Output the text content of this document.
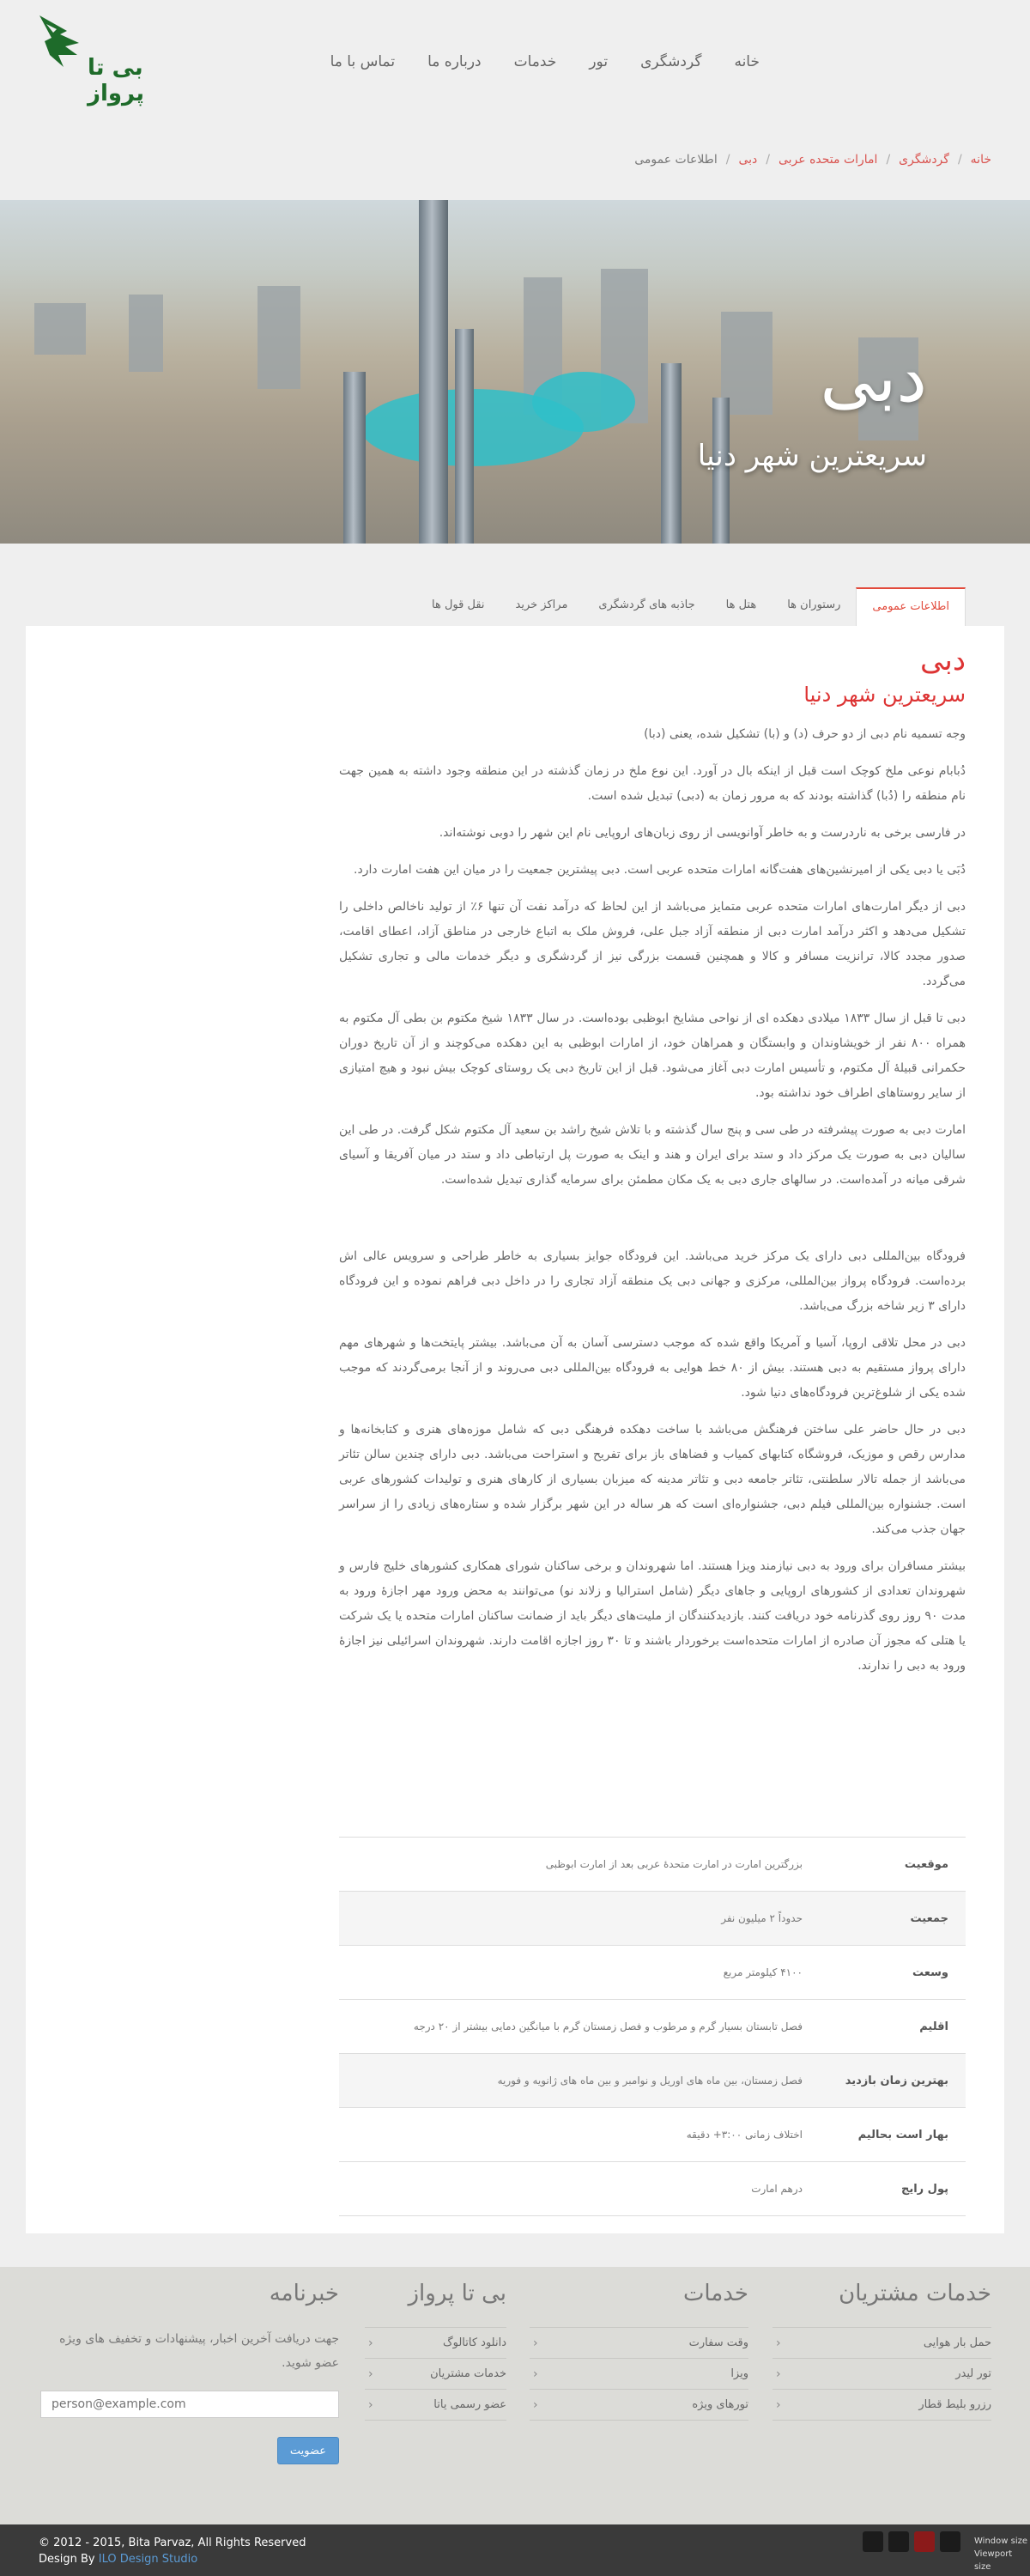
بی تا پرواز
خانه
گردشگری
تور
خدمات
درباره ما
تماس با ما
خانه
/
گردشگری
/
امارات متحده عربی
/
دبی
/
اطلاعات عمومی
دبی
سریعترین شهر دنیا
اطلاعات عمومی
رستوران ها
هتل ها
جاذبه های گردشگری
مراکز خرید
نقل قول ها
دبی
سریعترین شهر دنیا

وجه تسمیه نام دبی از دو حرف (د) و (با) تشکیل شده، یعنی (دبا)

دُبابام نوعی ملخ کوچک است قبل از اینکه بال در آورد. این نوع ملخ در زمان گذشته در این منطقه وجود داشته به همین جهت نام منطقه را (دُبا) گذاشته بودند که به مرور زمان به (دبی) تبدیل شده است.

در فارسی برخی به ‌ناردرست و به خاطر آوانویسی از روی زبان‌های اروپایی نام این شهر را دوبی نوشته‌اند.

دُبَی یا دبی یکی از امیرنشین‌های هفت‌گانه امارات متحده عربی است. دبی پیشترین جمعیت را در میان این هفت امارت دارد.

دبی از دیگر امارت‌های امارات متحده عربی متمایز می‌باشد از این لحاظ که درآمد نفت آن تنها ۶٪ از تولید ناخالص داخلی را تشکیل می‌دهد و اکثر درآمد امارت دبی از منطقه آزاد جبل علی، فروش ملک به اتباع خارجی در مناطق آزاد، اعطای اقامت، صدور مجدد کالا، ترانزیت مسافر و کالا و همچنین قسمت بزرگی نیز از گردشگری و دیگر خدمات مالی و تجاری تشکیل می‌گردد.

دبی تا قبل از سال ۱۸۳۳ میلادی دهکده ای از نواحی مشایخ ابوظبی بوده‌است. در سال ۱۸۳۳ شیخ مکتوم بن بطی آل مکتوم به همراه ۸۰۰ نفر از خویشاوندان و وابستگان و همراهان خود، از امارات ابوظبی به این دهکده می‌کوچند و از آن تاریخ دوران حکمرانی قبیلهٔ آل مکتوم، و تأسیس امارت دبی آغاز می‌شود. قبل از این تاریخ دبی یک روستای کوچک بیش نبود و هیچ امتیازی از سایر روستاهای اطراف خود نداشته بود.

امارت دبی به صورت پیشرفته در طی سی و پنج سال گذشته و با تلاش شیخ راشد بن سعید آل مکتوم شکل گرفت. در طی این سالیان دبی به صورت یک مرکز داد و ستد برای ایران و هند و اینک به صورت پل ارتباطی داد و ستد در میان آفریقا و آسیای شرقی میانه در آمده‌است. در سالهای جاری دبی به یک مکان مطمئن برای سرمایه گذاری تبدیل شده‌است.

فرودگاه بین‌المللی دبی دارای یک مرکز خرید می‌باشد. این فرودگاه جوایز بسیاری به خاطر طراحی و سرویس عالی اش برده‌است. فرودگاه پرواز بین‌المللی، مرکزی و جهانی دبی یک منطقه آزاد تجاری را در داخل دبی فراهم نموده و این فرودگاه دارای ۳ زیر شاخه بزرگ می‌باشد.

دبی در محل تلاقی اروپا، آسیا و آمریکا واقع شده که موجب دسترسی آسان به آن می‌باشد. بیشتر پایتخت‌ها و شهرهای مهم دارای پرواز مستقیم به دبی هستند. بیش از ۸۰ خط هوایی به فرودگاه بین‌المللی دبی می‌روند و از آنجا برمی‌گردند که موجب شده یکی از شلوغ‌ترین فرودگاه‌های دنیا شود.

دبی در حال حاضر علی ساختن فرهنگش می‌باشد با ساخت دهکده فرهنگی دبی که شامل موزه‌های هنری و کتابخانه‌ها و مدارس رقص و موزیک، فروشگاه کتابهای کمیاب و فضاهای باز برای تفریح و استراحت می‌باشد. دبی دارای چندین سالن تئاتر می‌باشد از جمله تالار سلطنتی، تئاتر جامعه دبی و تئاتر مدینه که میزبان بسیاری از کارهای هنری و تولیدات کشورهای عربی است. جشنواره بین‌المللی فیلم دبی، جشنواره‌ای است که هر ساله در این شهر برگزار شده و ستاره‌های زیادی را از سراسر جهان جذب می‌کند.

بیشتر مسافران برای ورود به دبی نیازمند ویزا هستند. اما شهروندان و برخی ساکنان شورای همکاری کشورهای خلیج فارس و شهروندان تعدادی از کشورهای اروپایی و جاهای دیگر (شامل استرالیا و زلاند نو) می‌توانند به محض ورود مهر اجازهٔ ورود به مدت ۹۰ روز روی گذرنامه خود دریافت کنند. بازدیدکنندگان از ملیت‌های دیگر باید از ضمانت ساکنان امارات متحده یا یک شرکت یا هتلی که مجوز آن صادره از امارات متحده‌است برخوردار باشند و تا ۳۰ روز اجازه اقامت دارند. شهروندان اسرائیلی نیز اجازهٔ ورود به دبی را ندارند.

موقعیت
بزرگترین امارت در امارت متحدهٔ عربی بعد از امارت ابوظبی
جمعیت
حدوداً ۲ میلیون نفر
وسعت
۴۱۰۰ کیلومتر مربع
اقلیم
فصل تابستان بسیار گرم و مرطوب و فصل زمستان گرم با میانگین دمایی بیشتر از ۲۰ درجه
بهترین زمان بازدید
فصل زمستان، بین ماه های اوریل و نوامبر و بین ماه های ژانویه و فوریه
بهار است بحالیم
اختلاف زمانی ۳:۰۰+ دقیقه
پول رایج
درهم امارت
خدمات مشتریان
حمل بار هوایی
‹
تور لیدر
‹
رزرو بلیط قطار
‹
خدمات
وقت سفارت
‹
ویزا
‹
تورهای ویژه
‹
بی تا پرواز
دانلود کاتالوگ
‹
خدمات مشتریان
‹
عضو رسمی یاتا
‹
خبرنامه
جهت دریافت آخرین اخبار، پیشنهادات و تخفیف های ویژه عضو شوید.
person@example.com
عضویت
© 2012 - 2015, Bita Parvaz, All Rights Reserved
Design By ILO Design Studio
Window size
Viewport size
